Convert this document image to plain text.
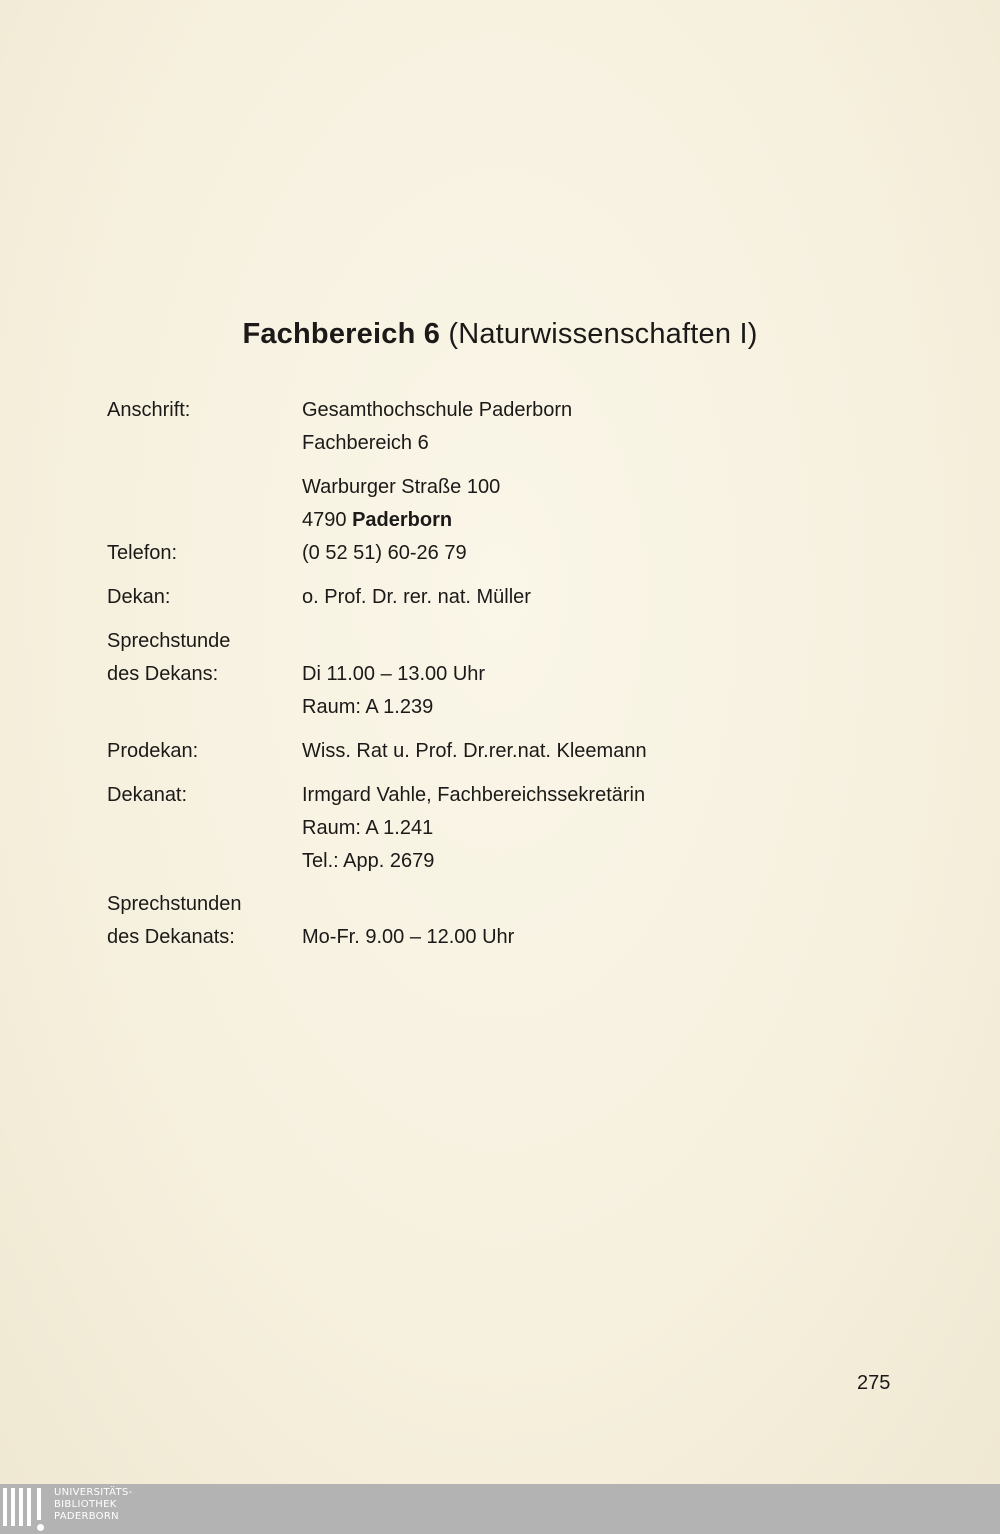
Fachbereich 6 (Naturwissenschaften I)
Anschrift:	Gesamthochschule Paderborn
Fachbereich 6
Warburger Straße 100
4790 Paderborn
Telefon:	(0 52 51) 60-26 79
Dekan:	o. Prof. Dr. rer. nat. Müller
Sprechstunde
des Dekans:	Di 11.00 – 13.00 Uhr
Raum: A 1.239
Prodekan:	Wiss. Rat u. Prof. Dr.rer.nat. Kleemann
Dekanat:	Irmgard Vahle, Fachbereichssekretärin
Raum: A 1.241
Tel.: App. 2679
Sprechstunden
des Dekanats:	Mo-Fr. 9.00 – 12.00 Uhr
275
UNIVERSITÄTS-
BIBLIOTHEK
PADERBORN
